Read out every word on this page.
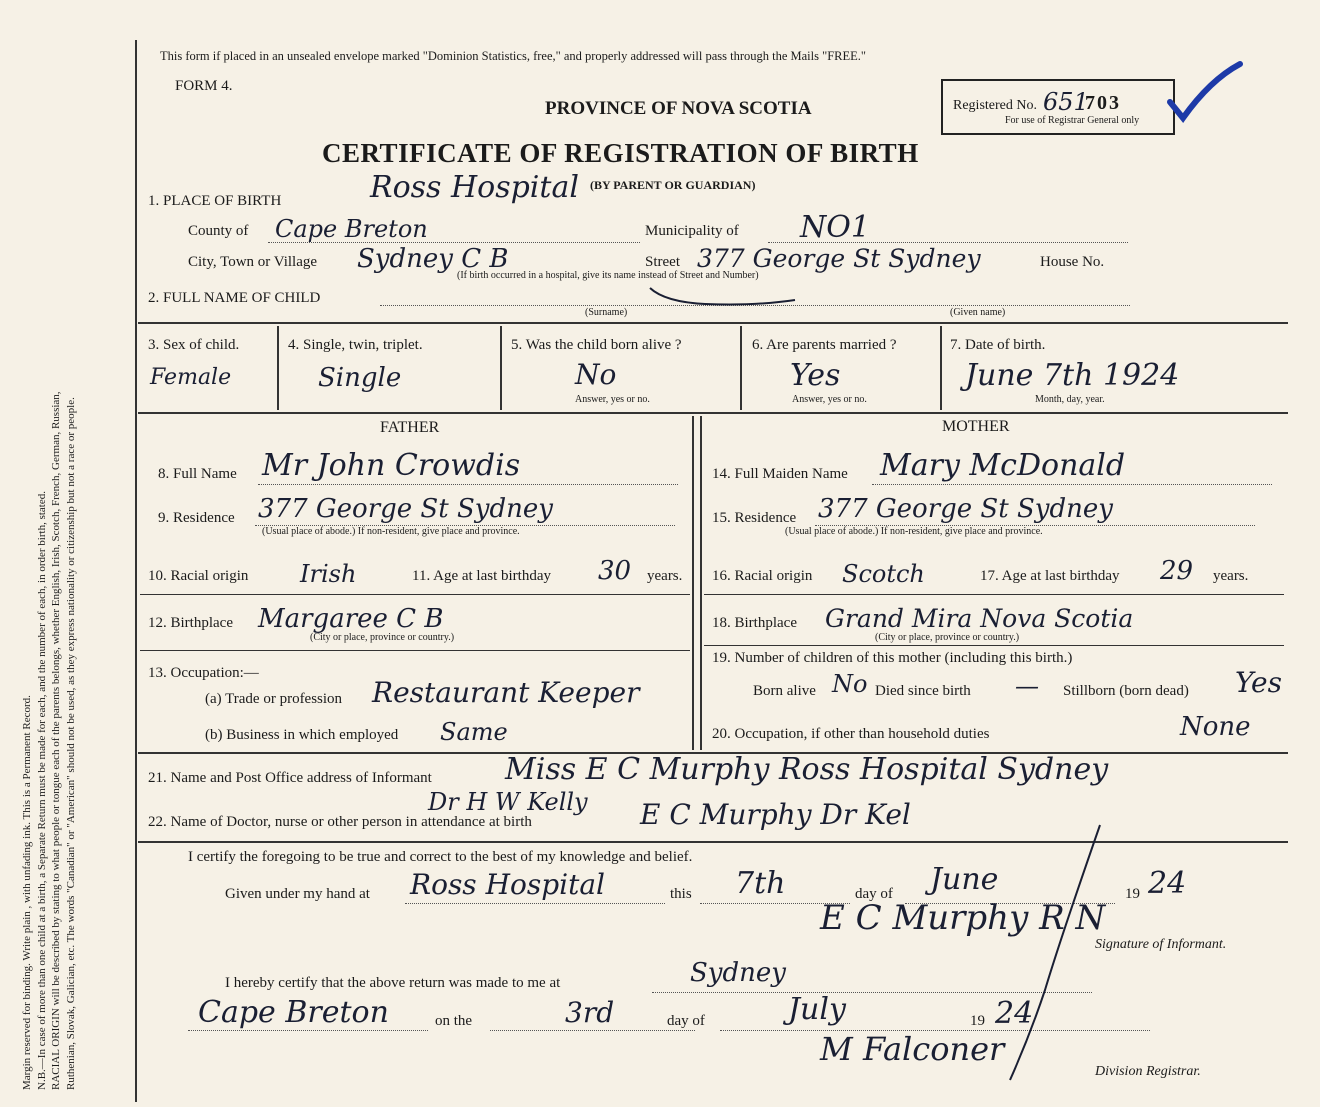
Margin reserved for binding. Write plain , with unfading ink. This is a Permanent Record. N.B.—In case of more than one child at a birth, a Separate Return must be made for each, and the number of each, in order birth, stated. RACIAL ORIGIN will be described by stating to what people or tongue each of the parents belongs, whether English, Irish, Scotch, French, German, Russian, Ruthenian, Slovak, Galician, etc. The words "Canadian" or "American" should not be used, as they express nationality or citizenship but not a race or people.
This form if placed in an unsealed envelope marked "Dominion Statistics, free," and properly addressed will pass through the Mails "FREE."
FORM 4.
PROVINCE OF NOVA SCOTIA
CERTIFICATE OF REGISTRATION OF BIRTH
(BY PARENT OR GUARDIAN)
Registered No. 651
703
For use of Registrar General only
1. PLACE OF BIRTH	Ross Hospital
County of Cape Breton	Municipality of NO1
City, Town or Village Sydney C B	Street 377 George St Sydney	House No.
(If birth occurred in a hospital, give its name instead of Street and Number)
2. FULL NAME OF CHILD
(Surname)	(Given name)
3. Sex of child.
Female
4. Single, twin, triplet.
Single
5. Was the child born alive ?
No
Answer, yes or no.
6. Are parents married ?
Yes
Answer, yes or no.
7. Date of birth.
June 7th 1924
Month, day, year.
FATHER
8. Full Name Mr John Crowdis
9. Residence 377 George St Sydney
(Usual place of abode.) If non-resident, give place and province.
10. Racial origin Irish	11. Age at last birthday 30 years.
12. Birthplace Margaree C B
(City or place, province or country.)
13. Occupation:—
(a) Trade or profession Restaurant Keeper
(b) Business in which employed Same
MOTHER
14. Full Maiden Name Mary McDonald
15. Residence 377 George St Sydney
(Usual place of abode.) If non-resident, give place and province.
16. Racial origin Scotch	17. Age at last birthday 29 years.
18. Birthplace Grand Mira Nova Scotia
(City or place, province or country.)
19. Number of children of this mother (including this birth.)
Born alive No Died since birth — Stillborn (born dead) Yes
20. Occupation, if other than household duties	None
21. Name and Post Office address of Informant Miss E C Murphy Ross Hospital Sydney
Dr H W Kelly
22. Name of Doctor, nurse or other person in attendance at birth	E C Murphy Dr Kel
I certify the foregoing to be true and correct to the best of my knowledge and belief.
Given under my hand at Ross Hospital	this 7th	day of June	19 24
E C Murphy R N
Signature of Informant.
I hereby certify that the above return was made to me at	Sydney
Cape Breton	on the	3rd	day of	July	19 24
M Falconer
Division Registrar.
